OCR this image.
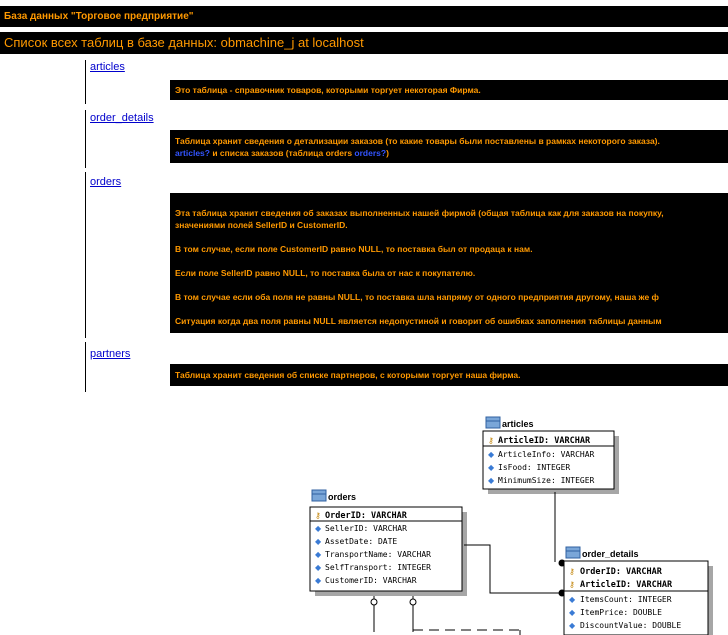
База данных "Торговое предприятие"
Список всех таблиц в базе данных: obmachine_j at localhost
articles

Это таблица - справочник товаров, которыми торгует некоторая Фирма.

order_details

Таблица хранит сведения о детализации заказов (то какие товары были поставлены в рамках некоторого заказа).

articles? и списка заказов (таблица orders orders?)

orders

Эта таблица хранит сведения об заказах выполненных нашей фирмой (общая таблица как для заказов на покупку,

значениями полей SellerID и CustomerID.

В том случае, если поле CustomerID равно NULL, то поставка был от продаца к нам.

Если поле SellerID равно NULL, то поставка была от нас к покупателю.

В том случае если оба поля не равны NULL, то поставка шла напряму от одного предприятия другому, наша же ф

Ситуация когда два поля равны NULL является недопустиной и говорит об ошибках заполнения таблицы данным

partners

Таблица хранит сведения об списке партнеров, с которыми торгует наша фирма.

articles
⚷ ArticleID: VARCHAR
◆ ArticleInfo: VARCHAR
◆ IsFood: INTEGER
◆ MinimumSize: INTEGER
orders
⚷ OrderID: VARCHAR
◆ SellerID: VARCHAR
◆ AssetDate: DATE
◆ TransportName: VARCHAR
◆ SelfTransport: INTEGER
◆ CustomerID: VARCHAR
order_details
⚷ OrderID: VARCHAR
⚷ ArticleID: VARCHAR
◆ ItemsCount: INTEGER
◆ ItemPrice: DOUBLE
◆ DiscountValue: DOUBLE
